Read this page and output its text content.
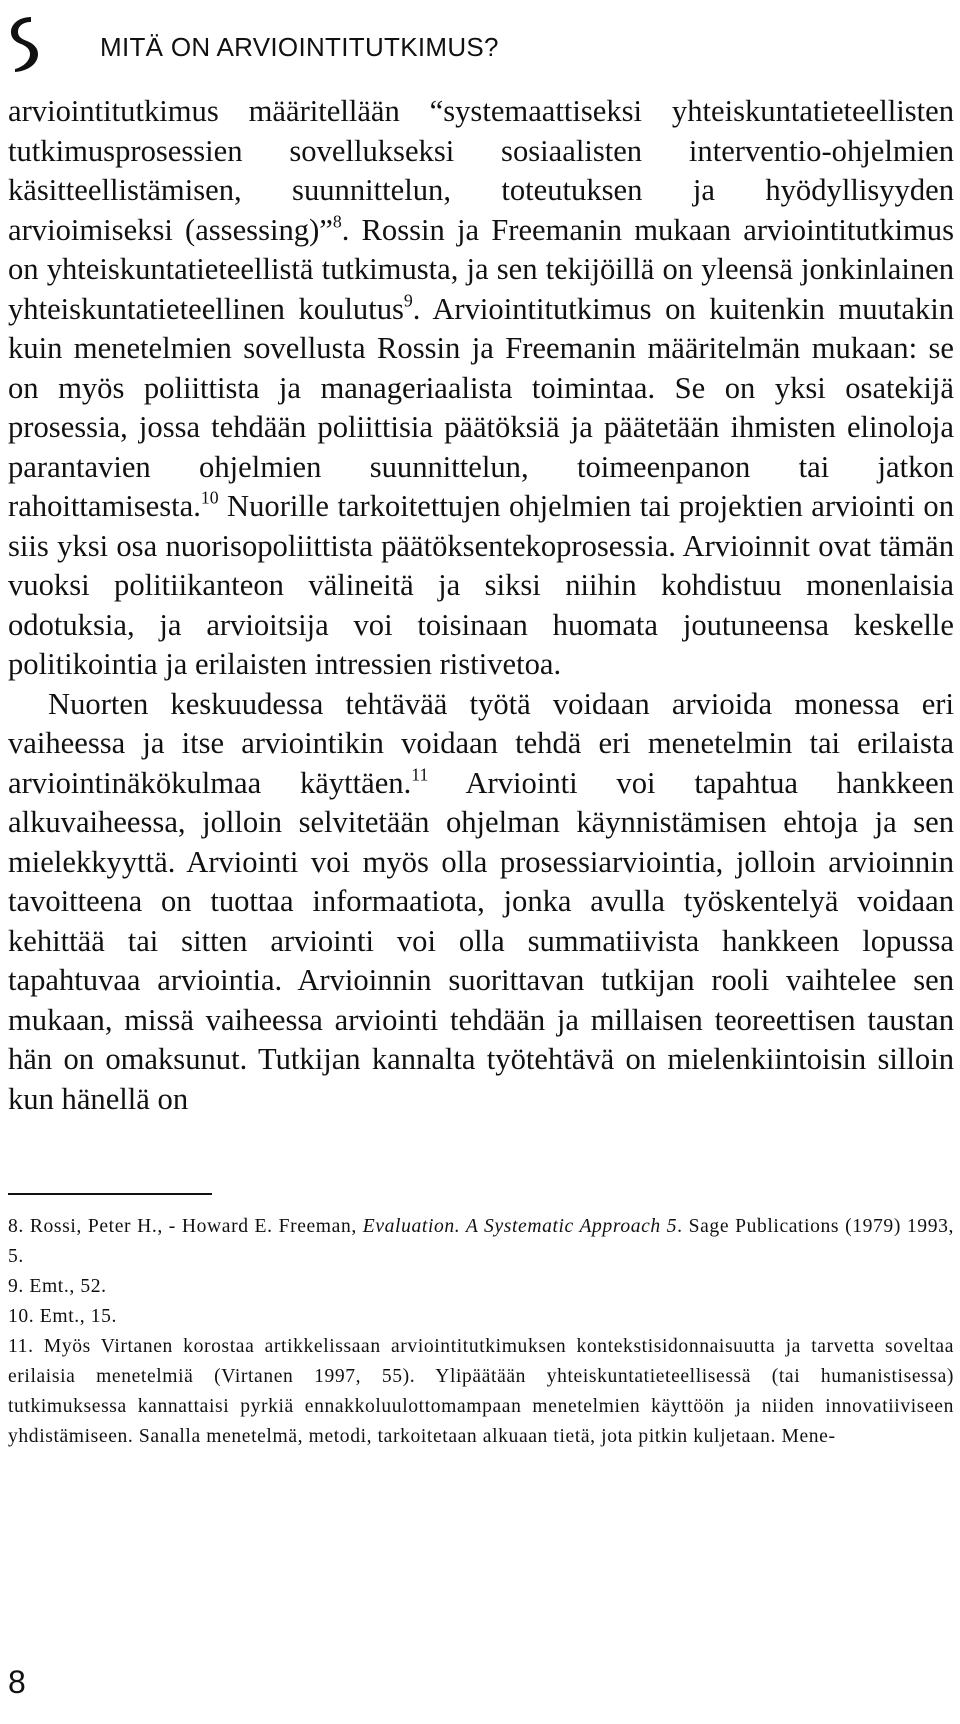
MITÄ ON ARVIOINTITUTKIMUS?

arviointitutkimus määritellään “systemaattiseksi yhteiskuntatieteellisten tutkimusprosessien sovellukseksi sosiaalisten interventio-ohjelmien käsitteellistämisen, suunnittelun, toteutuksen ja hyödyllisyyden arvioimiseksi (assessing)”$^8$. Rossin ja Freemanin mukaan arviointitutkimus on yhteiskuntatieteellistä tutkimusta, ja sen tekijöillä on yleensä jonkinlainen yhteiskuntatieteellinen koulutus$^9$. Arviointitutkimus on kuitenkin muutakin kuin menetelmien sovellusta Rossin ja Freemanin määritelmän mukaan: se on myös poliittista ja manageriaalista toimintaa. Se on yksi osatekijä prosessia, jossa tehdään poliittisia päätöksiä ja päätetään ihmisten elinoloja parantavien ohjelmien suunnittelun, toimeenpanon tai jatkon rahoittamisesta.$^{10}$ Nuorille tarkoitettujen ohjelmien tai projektien arviointi on siis yksi osa nuorisopoliittista päätöksentekoprosessia. Arvioinnit ovat tämän vuoksi politiikanteon välineitä ja siksi niihin kohdistuu monenlaisia odotuksia, ja arvioitsija voi toisinaan huomata joutuneensa keskelle politikointia ja erilaisten intressien ristivetoa.

Nuorten keskuudessa tehtävää työtä voidaan arvioida monessa eri vaiheessa ja itse arviointikin voidaan tehdä eri menetelmin tai erilaista arviointinäkökulmaa käyttäen.$^{11}$ Arviointi voi tapahtua hankkeen alkuvaiheessa, jolloin selvitetään ohjelman käynnistämisen ehtoja ja sen mielekkyyttä. Arviointi voi myös olla prosessiarviointia, jolloin arvioinnin tavoitteena on tuottaa informaatiota, jonka avulla työskentelyä voidaan kehittää tai sitten arviointi voi olla summatiivista hankkeen lopussa tapahtuvaa arviointia. Arvioinnin suorittavan tutkijan rooli vaihtelee sen mukaan, missä vaiheessa arviointi tehdään ja millaisen teoreettisen taustan hän on omaksunut. Tutkijan kannalta työtehtävä on mielenkiintoisin silloin kun hänellä on

8. Rossi, Peter H., - Howard E. Freeman, Evaluation. A Systematic Approach 5. Sage Publications (1979) 1993, 5.

9. Emt., 52.

10. Emt., 15.

11. Myös Virtanen korostaa artikkelissaan arviointitutkimuksen kontekstisidonnaisuutta ja tarvetta soveltaa erilaisia menetelmiä (Virtanen 1997, 55). Ylipäätään yhteiskuntatieteellisessä (tai humanistisessa) tutkimuksessa kannattaisi pyrkiä ennakkoluulottomampaan menetelmien käyttöön ja niiden innovatiiviseen yhdistämiseen. Sanalla menetelmä, metodi, tarkoitetaan alkuaan tietä, jota pitkin kuljetaan. Mene-

8
